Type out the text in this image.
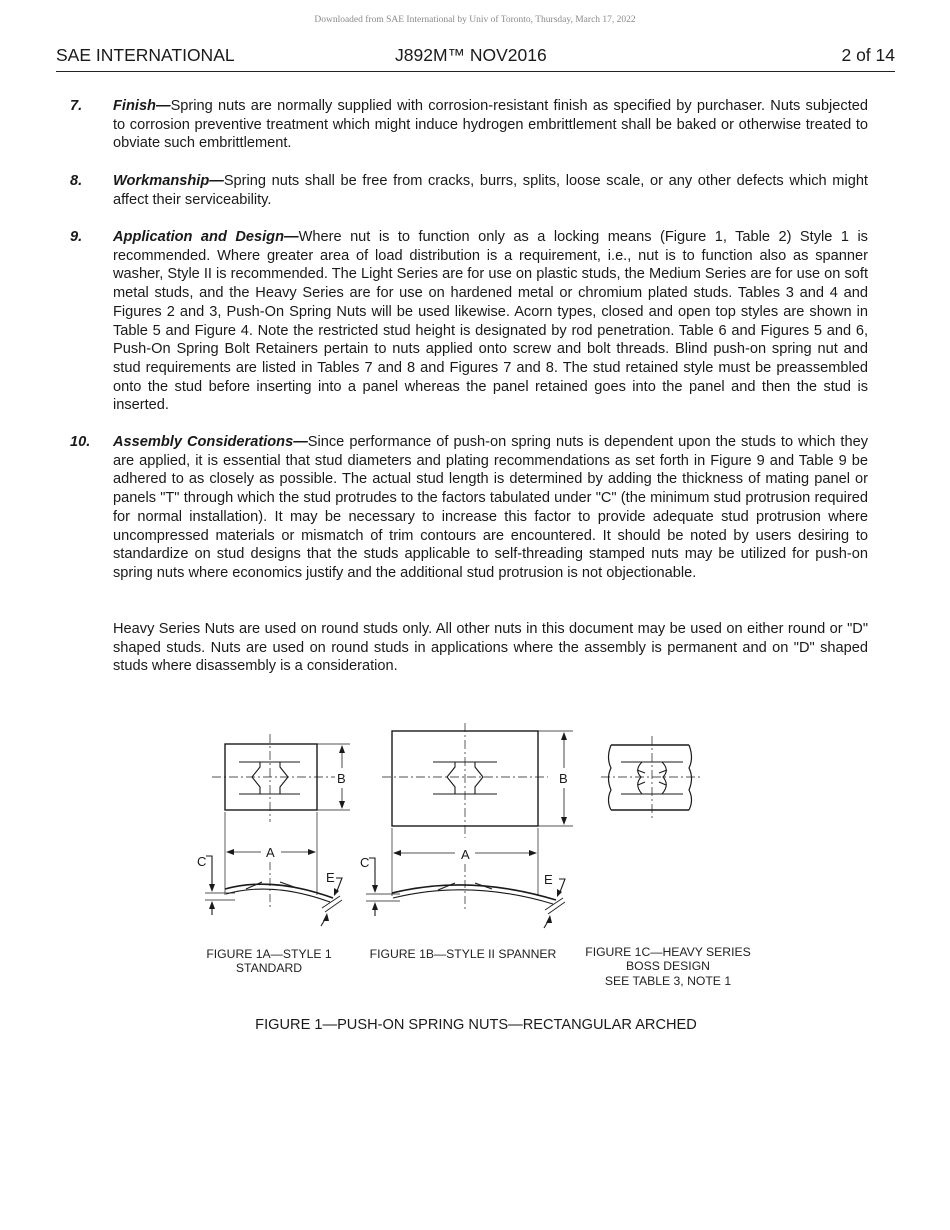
Downloaded from SAE International by Univ of Toronto, Thursday, March 17, 2022
SAE INTERNATIONAL	J892M™ NOV2016	2 of 14
7. Finish—Spring nuts are normally supplied with corrosion-resistant finish as specified by purchaser. Nuts subjected to corrosion preventive treatment which might induce hydrogen embrittlement shall be baked or otherwise treated to obviate such embrittlement.
8. Workmanship—Spring nuts shall be free from cracks, burrs, splits, loose scale, or any other defects which might affect their serviceability.
9. Application and Design—Where nut is to function only as a locking means (Figure 1, Table 2) Style 1 is recommended. Where greater area of load distribution is a requirement, i.e., nut is to function also as spanner washer, Style II is recommended. The Light Series are for use on plastic studs, the Medium Series are for use on soft metal studs, and the Heavy Series are for use on hardened metal or chromium plated studs. Tables 3 and 4 and Figures 2 and 3, Push-On Spring Nuts will be used likewise. Acorn types, closed and open top styles are shown in Table 5 and Figure 4. Note the restricted stud height is designated by rod penetration. Table 6 and Figures 5 and 6, Push-On Spring Bolt Retainers pertain to nuts applied onto screw and bolt threads. Blind push-on spring nut and stud requirements are listed in Tables 7 and 8 and Figures 7 and 8. The stud retained style must be preassembled onto the stud before inserting into a panel whereas the panel retained goes into the panel and then the stud is inserted.
10. Assembly Considerations—Since performance of push-on spring nuts is dependent upon the studs to which they are applied, it is essential that stud diameters and plating recommendations as set forth in Figure 9 and Table 9 be adhered to as closely as possible. The actual stud length is determined by adding the thickness of mating panel or panels "T" through which the stud protrudes to the factors tabulated under "C" (the minimum stud protrusion required for normal installation). It may be necessary to increase this factor to provide adequate stud protrusion where uncompressed materials or mismatch of trim contours are encountered. It should be noted by users desiring to standardize on stud designs that the studs applicable to self-threading stamped nuts may be utilized for push-on spring nuts where economics justify and the additional stud protrusion is not objectionable.
Heavy Series Nuts are used on round studs only. All other nuts in this document may be used on either round or "D" shaped studs. Nuts are used on round studs in applications where the assembly is permanent and on "D" shaped studs where disassembly is a consideration.
B
A
C
E
B
A
C
E
FIGURE 1A—STYLE 1
STANDARD
FIGURE 1B—STYLE II SPANNER	FIGURE 1C—HEAVY SERIES
BOSS DESIGN
SEE TABLE 3, NOTE 1
FIGURE 1—PUSH-ON SPRING NUTS—RECTANGULAR ARCHED
